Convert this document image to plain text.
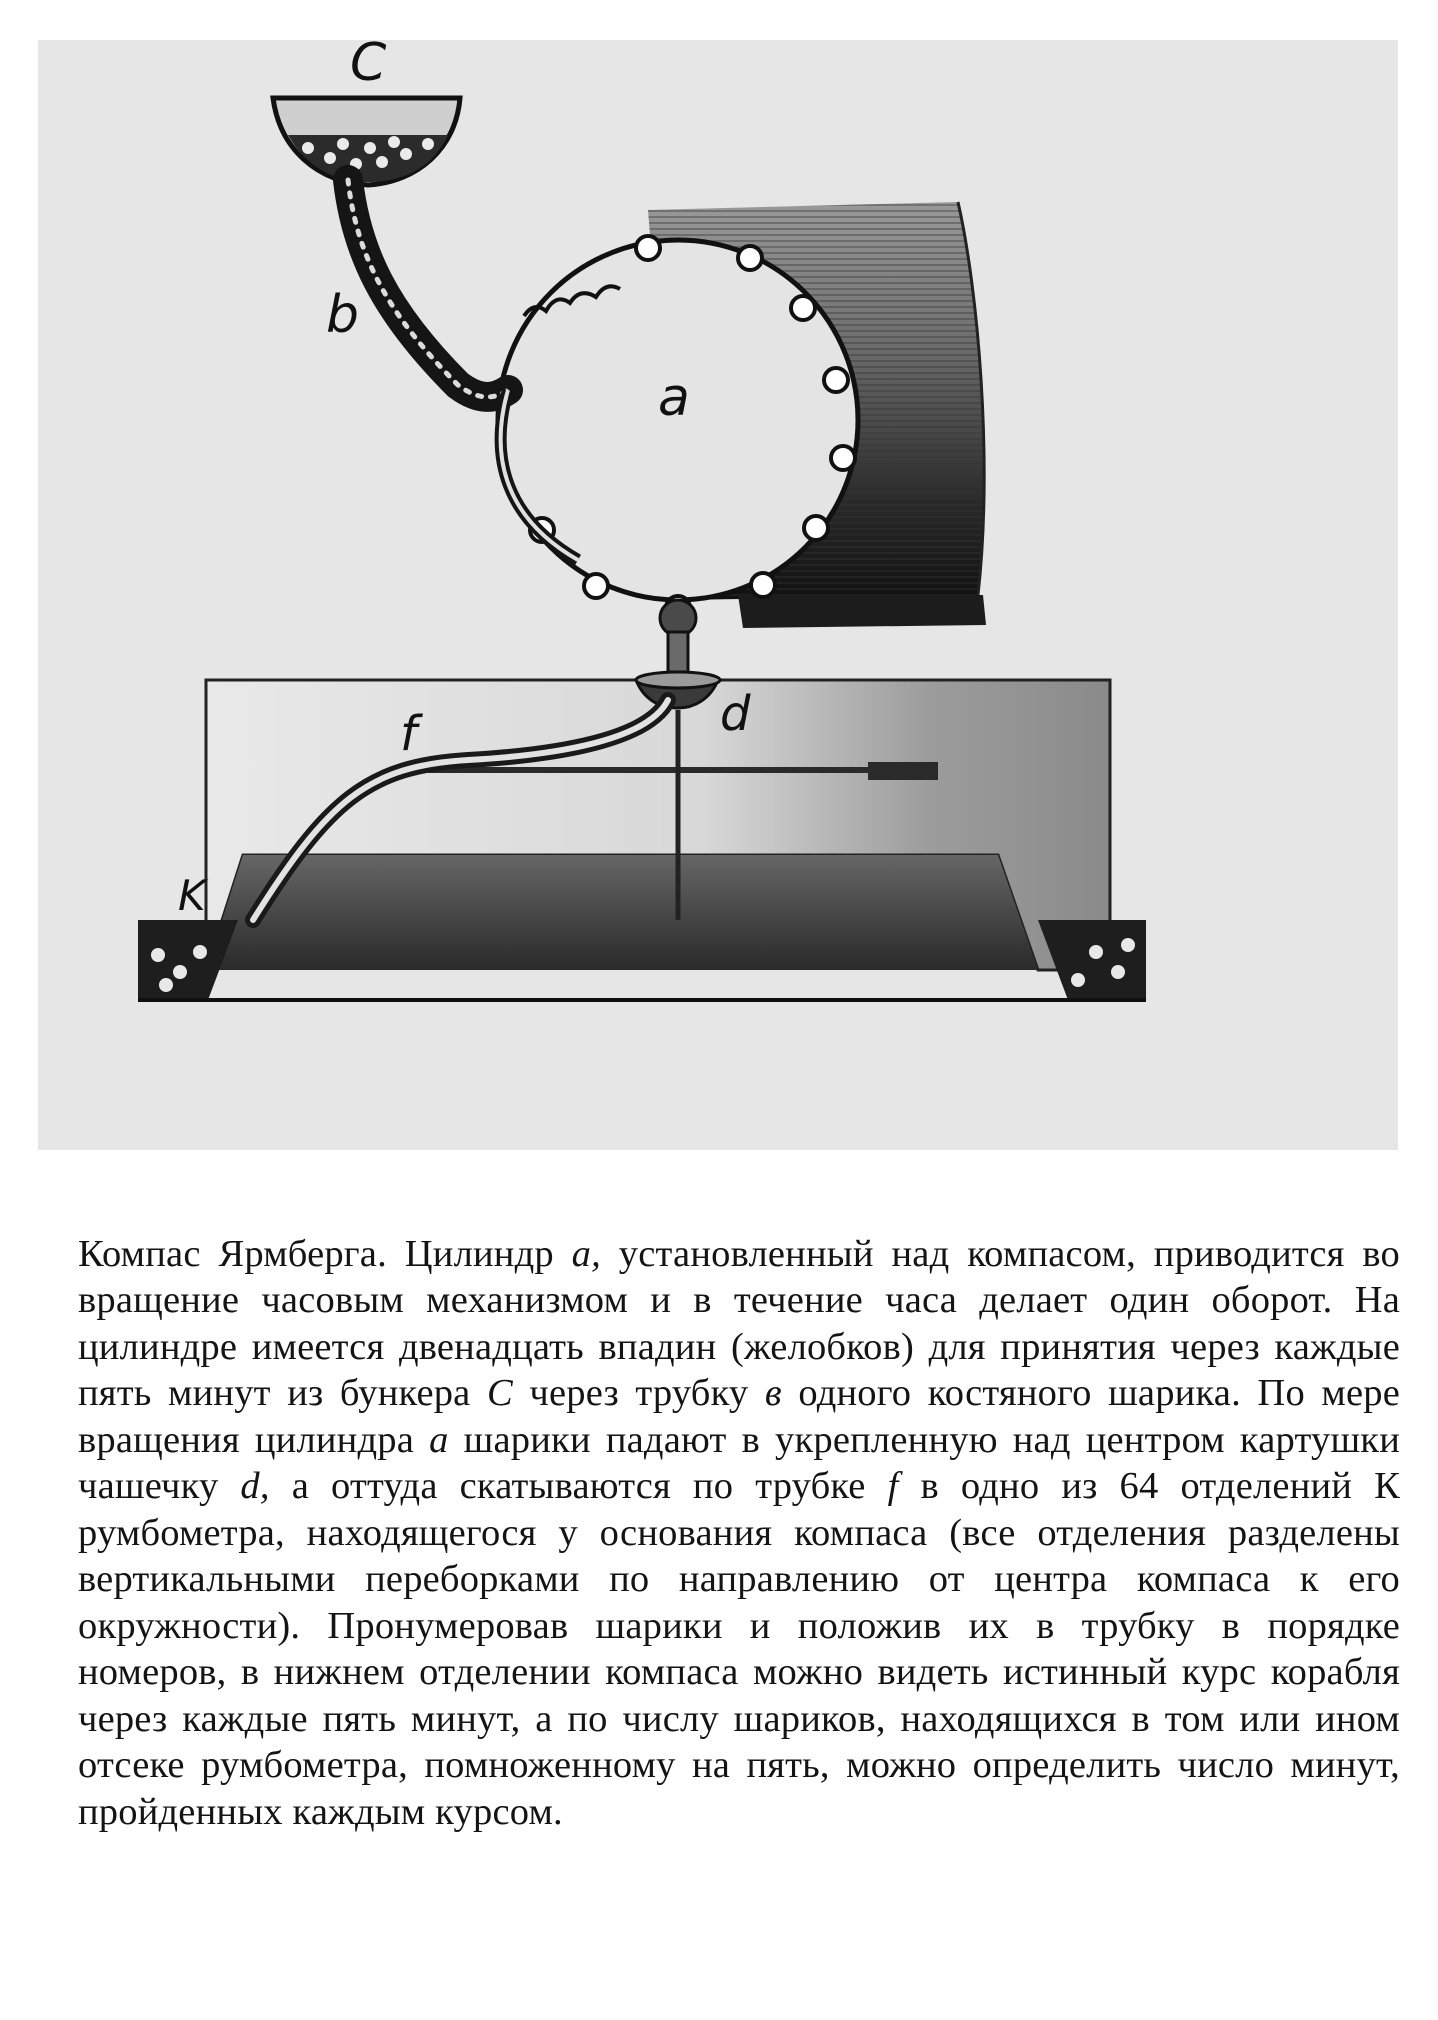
C
b
a
d
f
K

Компас Ярмберга. Цилиндр a, установленный над компасом, приводится во вращение часовым механизмом и в течение часа делает один оборот. На цилиндре имеется двенадцать впадин (желобков) для принятия через каждые пять минут из бункера C через трубку в одного костяного шарика. По мере вращения цилиндра a шарики падают в укрепленную над центром картушки чашечку d, а оттуда скатываются по трубке f в одно из 64 отделений К румбометра, находящегося у основания компаса (все отделения разделены вертикальными переборками по направлению от центра компаса к его окружности). Пронумеровав шарики и положив их в трубку в порядке номеров, в нижнем отделении компаса можно видеть истинный курс корабля через каждые пять минут, а по числу шариков, находящихся в том или ином отсеке румбометра, помноженному на пять, можно определить число минут, пройденных каждым курсом.
